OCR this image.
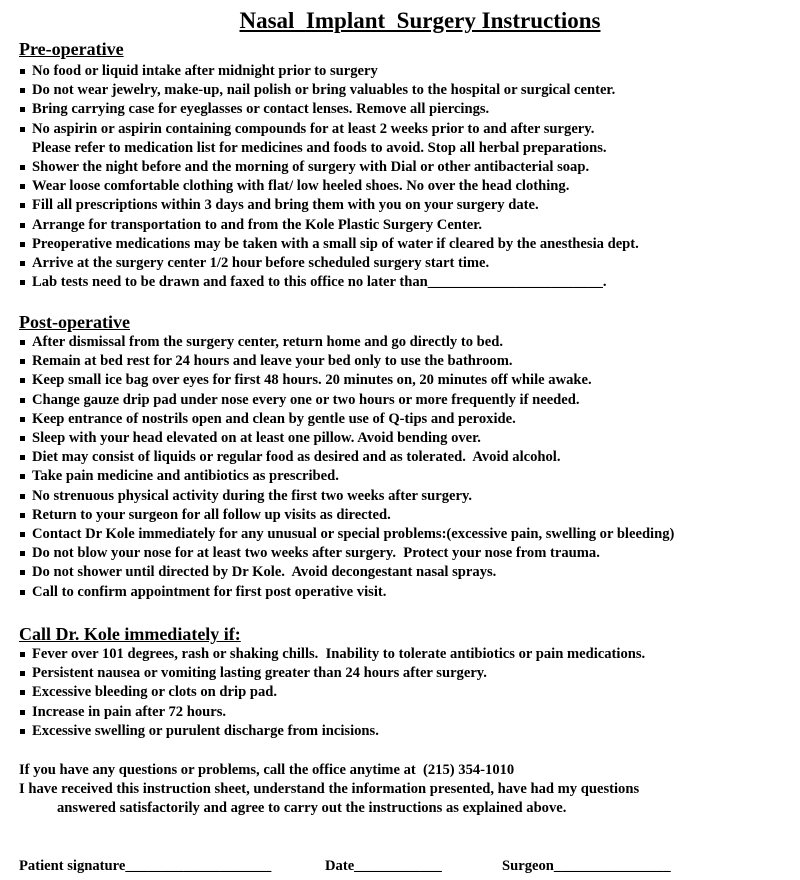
Nasal  Implant  Surgery Instructions
Pre-operative
No food or liquid intake after midnight prior to surgery
Do not wear jewelry, make-up, nail polish or bring valuables to the hospital or surgical center.
Bring carrying case for eyeglasses or contact lenses. Remove all piercings.
No aspirin or aspirin containing compounds for at least 2 weeks prior to and after surgery.
Please refer to medication list for medicines and foods to avoid. Stop all herbal preparations.
Shower the night before and the morning of surgery with Dial or other antibacterial soap.
Wear loose comfortable clothing with flat/ low heeled shoes. No over the head clothing.
Fill all prescriptions within 3 days and bring them with you on your surgery date.
Arrange for transportation to and from the Kole Plastic Surgery Center.
Preoperative medications may be taken with a small sip of water if cleared by the anesthesia dept.
Arrive at the surgery center 1/2 hour before scheduled surgery start time.
Lab tests need to be drawn and faxed to this office no later than________________________.
Post-operative
After dismissal from the surgery center, return home and go directly to bed.
Remain at bed rest for 24 hours and leave your bed only to use the bathroom.
Keep small ice bag over eyes for first 48 hours. 20 minutes on, 20 minutes off while awake.
Change gauze drip pad under nose every one or two hours or more frequently if needed.
Keep entrance of nostrils open and clean by gentle use of Q-tips and peroxide.
Sleep with your head elevated on at least one pillow. Avoid bending over.
Diet may consist of liquids or regular food as desired and as tolerated.  Avoid alcohol.
Take pain medicine and antibiotics as prescribed.
No strenuous physical activity during the first two weeks after surgery.
Return to your surgeon for all follow up visits as directed.
Contact Dr Kole immediately for any unusual or special problems:(excessive pain, swelling or bleeding)
Do not blow your nose for at least two weeks after surgery.  Protect your nose from trauma.
Do not shower until directed by Dr Kole.  Avoid decongestant nasal sprays.
Call to confirm appointment for first post operative visit.
Call Dr. Kole immediately if:
Fever over 101 degrees, rash or shaking chills.  Inability to tolerate antibiotics or pain medications.
Persistent nausea or vomiting lasting greater than 24 hours after surgery.
Excessive bleeding or clots on drip pad.
Increase in pain after 72 hours.
Excessive swelling or purulent discharge from incisions.
If you have any questions or problems, call the office anytime at  (215) 354-1010
I have received this instruction sheet, understand the information presented, have had my questions
answered satisfactorily and agree to carry out the instructions as explained above.
Patient signature____________________	Date____________	Surgeon________________
